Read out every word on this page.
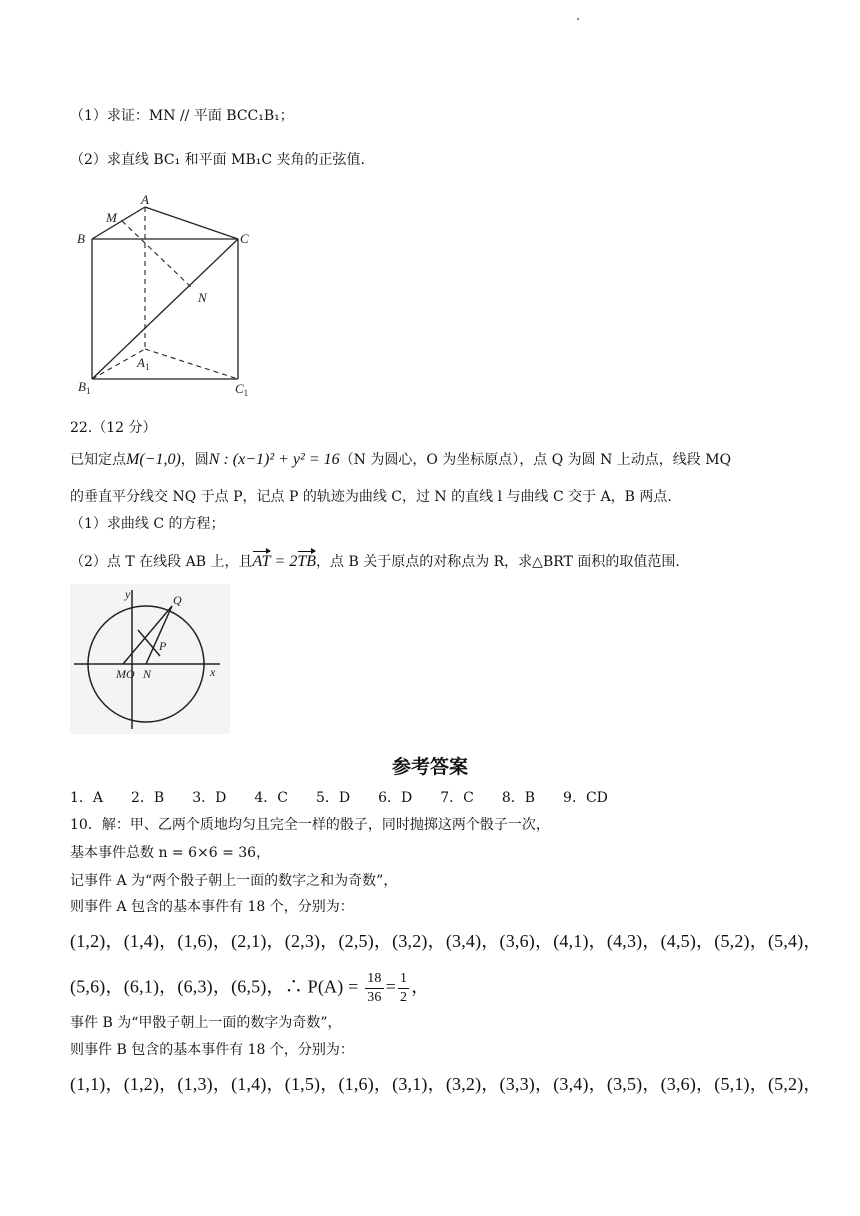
（1）求证：MN // 平面 BCC₁B₁；
（2）求直线 BC₁ 和平面 MB₁C 夹角的正弦值.
A
M
B	C
N
$A_1$
$B_1$	$C_1$
22.（12 分）
已知定点M(−1,0)，圆N : (x−1)² + y² = 16（N 为圆心，O 为坐标原点），点 Q 为圆 N 上动点，线段 MQ
的垂直平分线交 NQ 于点 P，记点 P 的轨迹为曲线 C，过 N 的直线 l 与曲线 C 交于 A，B 两点.
（1）求曲线 C 的方程；
（2）点 T 在线段 AB 上，且AT = 2TB，点 B 关于原点的对称点为 R，求△BRT 面积的取值范围.
y	Q
P
MO N	x
参考答案
1．A　　2．B　　3．D　　4．C　　5．D　　6．D　　7．C　　8．B　　9．CD
10．解：甲、乙两个质地均匀且完全一样的骰子，同时抛掷这两个骰子一次，
基本事件总数 n = 6×6 = 36，
记事件 A 为“两个骰子朝上一面的数字之和为奇数”，
则事件 A 包含的基本事件有 18 个，分别为：
(1,2)，(1,4)，(1,6)，(2,1)，(2,3)，(2,5)，(3,2)，(3,4)，(3,6)，(4,1)，(4,3)，(4,5)，(5,2)，(5,4)，
(5,6)，(6,1)，(6,3)，(6,5)，∴ $P(A) = \frac{18}{36} = \frac{1}{2}$ ，
事件 B 为“甲骰子朝上一面的数字为奇数”，
则事件 B 包含的基本事件有 18 个，分别为：
(1,1)，(1,2)，(1,3)，(1,4)，(1,5)，(1,6)，(3,1)，(3,2)，(3,3)，(3,4)，(3,5)，(3,6)，(5,1)，(5,2)，
